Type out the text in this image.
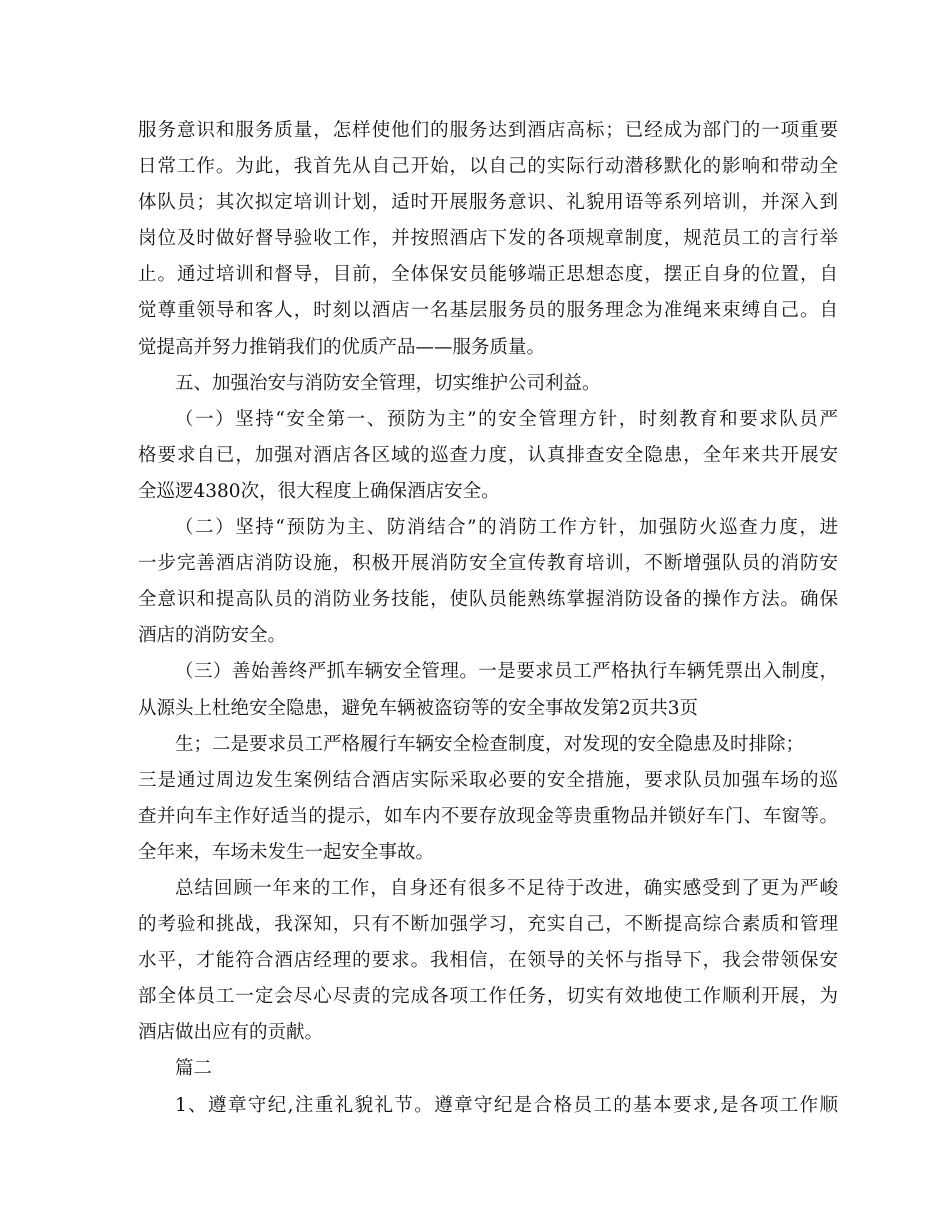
服务意识和服务质量，怎样使他们的服务达到酒店高标；已经成为部门的一项重要
日常工作。为此，我首先从自己开始，以自己的实际行动潜移默化的影响和带动全
体队员；其次拟定培训计划，适时开展服务意识、礼貌用语等系列培训，并深入到
岗位及时做好督导验收工作，并按照酒店下发的各项规章制度，规范员工的言行举
止。通过培训和督导，目前，全体保安员能够端正思想态度，摆正自身的位置，自
觉尊重领导和客人，时刻以酒店一名基层服务员的服务理念为准绳来束缚自己。自
觉提高并努力推销我们的优质产品——服务质量。
五、加强治安与消防安全管理，切实维护公司利益。
（一）坚持“安全第一、预防为主”的安全管理方针，时刻教育和要求队员严
格要求自已，加强对酒店各区域的巡查力度，认真排查安全隐患，全年来共开展安
全巡逻4380次，很大程度上确保酒店安全。
（二）坚持“预防为主、防消结合”的消防工作方针，加强防火巡查力度，进
一步完善酒店消防设施，积极开展消防安全宣传教育培训，不断增强队员的消防安
全意识和提高队员的消防业务技能，使队员能熟练掌握消防设备的操作方法。确保
酒店的消防安全。
（三）善始善终严抓车辆安全管理。一是要求员工严格执行车辆凭票出入制度，
从源头上杜绝安全隐患，避免车辆被盗窃等的安全事故发第2页共3页
生；二是要求员工严格履行车辆安全检查制度，对发现的安全隐患及时排除；
三是通过周边发生案例结合酒店实际采取必要的安全措施，要求队员加强车场的巡
查并向车主作好适当的提示，如车内不要存放现金等贵重物品并锁好车门、车窗等。
全年来，车场未发生一起安全事故。
总结回顾一年来的工作，自身还有很多不足待于改进，确实感受到了更为严峻
的考验和挑战，我深知，只有不断加强学习，充实自己，不断提高综合素质和管理
水平，才能符合酒店经理的要求。我相信，在领导的关怀与指导下，我会带领保安
部全体员工一定会尽心尽责的完成各项工作任务，切实有效地使工作顺利开展，为
酒店做出应有的贡献。
篇二
1、遵章守纪,注重礼貌礼节。遵章守纪是合格员工的基本要求,是各项工作顺
